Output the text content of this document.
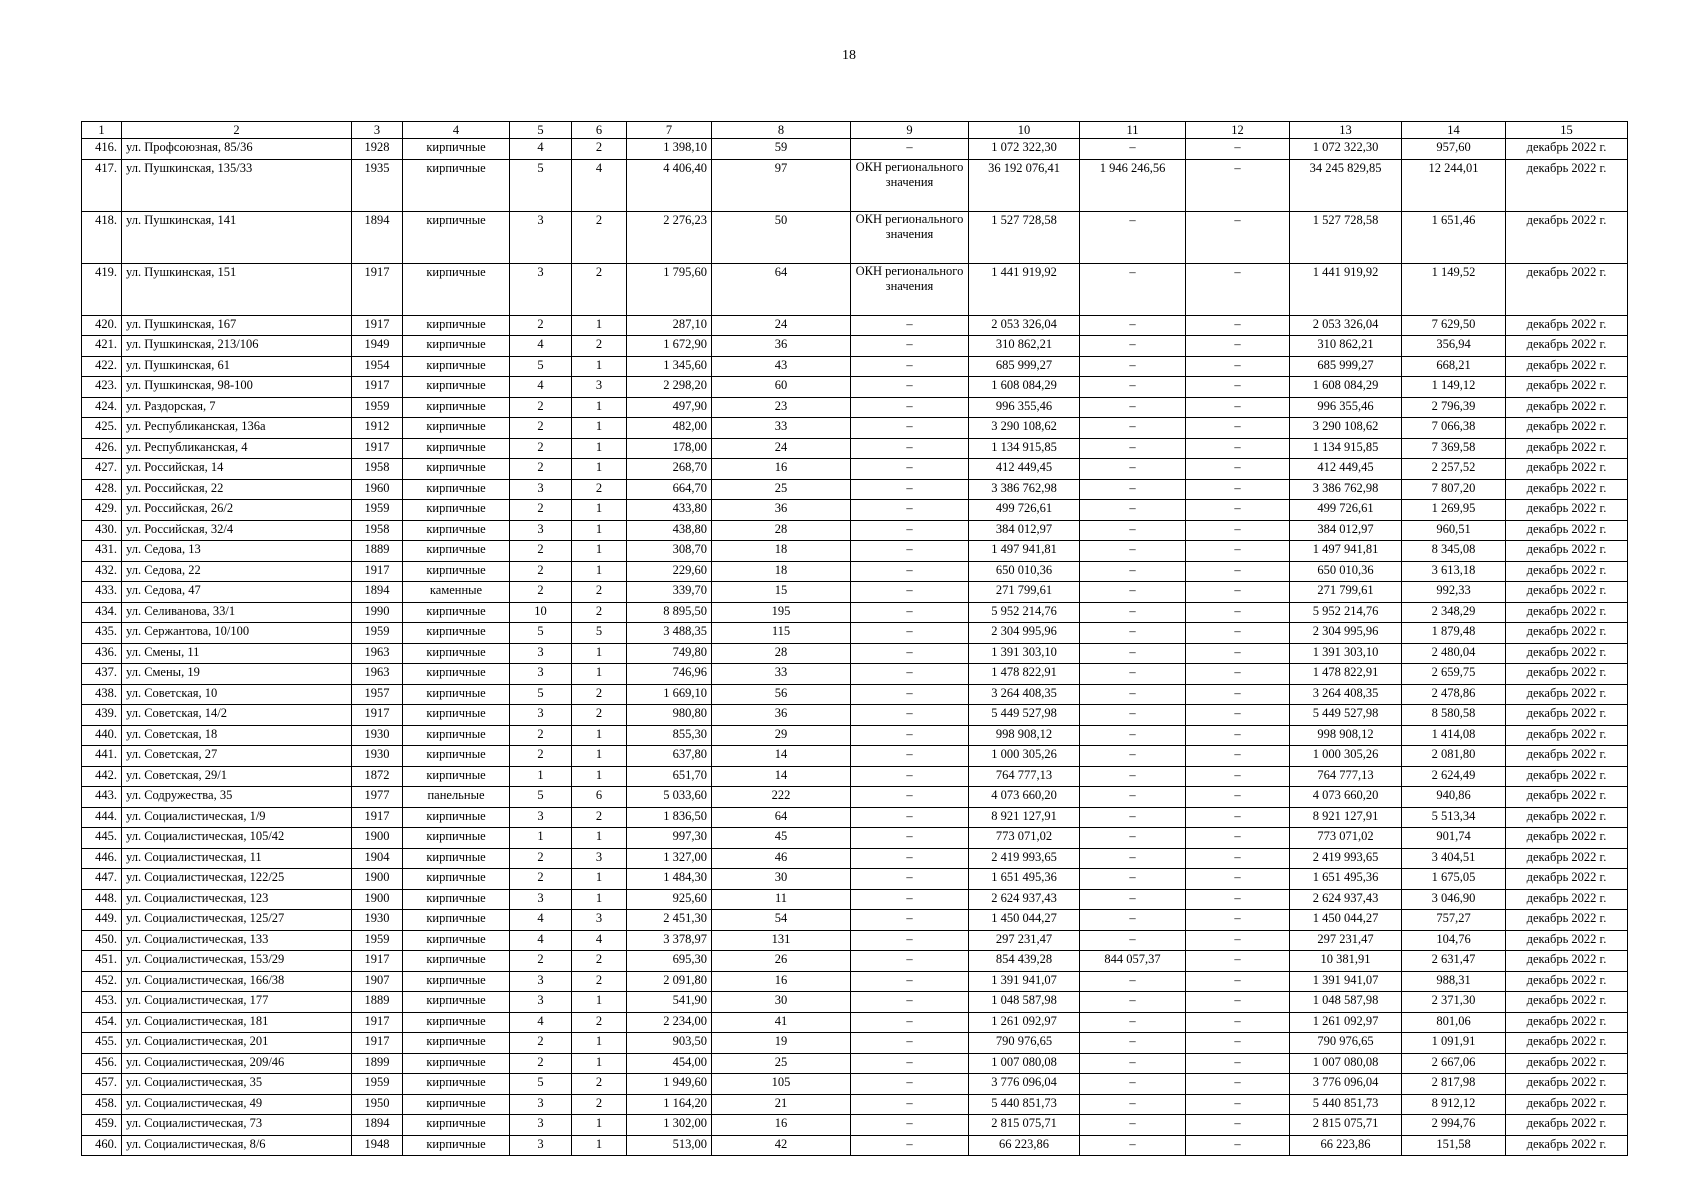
18
1	2	3	4	5	6	7	8	9	10	11	12	13	14	15
416.	ул. Профсоюзная, 85/36	1928	кирпичные	4	2	1 398,10	59	–	1 072 322,30	–	–	1 072 322,30	957,60	декабрь 2022 г.
417.	ул. Пушкинская, 135/33	1935	кирпичные	5	4	4 406,40	97	ОКН регионального значения	36 192 076,41	1 946 246,56	–	34 245 829,85	12 244,01	декабрь 2022 г.
418.	ул. Пушкинская, 141	1894	кирпичные	3	2	2 276,23	50	ОКН регионального значения	1 527 728,58	–	–	1 527 728,58	1 651,46	декабрь 2022 г.
419.	ул. Пушкинская, 151	1917	кирпичные	3	2	1 795,60	64	ОКН регионального значения	1 441 919,92	–	–	1 441 919,92	1 149,52	декабрь 2022 г.
420.	ул. Пушкинская, 167	1917	кирпичные	2	1	287,10	24	–	2 053 326,04	–	–	2 053 326,04	7 629,50	декабрь 2022 г.
421.	ул. Пушкинская, 213/106	1949	кирпичные	4	2	1 672,90	36	–	310 862,21	–	–	310 862,21	356,94	декабрь 2022 г.
422.	ул. Пушкинская, 61	1954	кирпичные	5	1	1 345,60	43	–	685 999,27	–	–	685 999,27	668,21	декабрь 2022 г.
423.	ул. Пушкинская, 98-100	1917	кирпичные	4	3	2 298,20	60	–	1 608 084,29	–	–	1 608 084,29	1 149,12	декабрь 2022 г.
424.	ул. Раздорская, 7	1959	кирпичные	2	1	497,90	23	–	996 355,46	–	–	996 355,46	2 796,39	декабрь 2022 г.
425.	ул. Республиканская, 136а	1912	кирпичные	2	1	482,00	33	–	3 290 108,62	–	–	3 290 108,62	7 066,38	декабрь 2022 г.
426.	ул. Республиканская, 4	1917	кирпичные	2	1	178,00	24	–	1 134 915,85	–	–	1 134 915,85	7 369,58	декабрь 2022 г.
427.	ул. Российская, 14	1958	кирпичные	2	1	268,70	16	–	412 449,45	–	–	412 449,45	2 257,52	декабрь 2022 г.
428.	ул. Российская, 22	1960	кирпичные	3	2	664,70	25	–	3 386 762,98	–	–	3 386 762,98	7 807,20	декабрь 2022 г.
429.	ул. Российская, 26/2	1959	кирпичные	2	1	433,80	36	–	499 726,61	–	–	499 726,61	1 269,95	декабрь 2022 г.
430.	ул. Российская, 32/4	1958	кирпичные	3	1	438,80	28	–	384 012,97	–	–	384 012,97	960,51	декабрь 2022 г.
431.	ул. Седова, 13	1889	кирпичные	2	1	308,70	18	–	1 497 941,81	–	–	1 497 941,81	8 345,08	декабрь 2022 г.
432.	ул. Седова, 22	1917	кирпичные	2	1	229,60	18	–	650 010,36	–	–	650 010,36	3 613,18	декабрь 2022 г.
433.	ул. Седова, 47	1894	каменные	2	2	339,70	15	–	271 799,61	–	–	271 799,61	992,33	декабрь 2022 г.
434.	ул. Селиванова, 33/1	1990	кирпичные	10	2	8 895,50	195	–	5 952 214,76	–	–	5 952 214,76	2 348,29	декабрь 2022 г.
435.	ул. Сержантова, 10/100	1959	кирпичные	5	5	3 488,35	115	–	2 304 995,96	–	–	2 304 995,96	1 879,48	декабрь 2022 г.
436.	ул. Смены, 11	1963	кирпичные	3	1	749,80	28	–	1 391 303,10	–	–	1 391 303,10	2 480,04	декабрь 2022 г.
437.	ул. Смены, 19	1963	кирпичные	3	1	746,96	33	–	1 478 822,91	–	–	1 478 822,91	2 659,75	декабрь 2022 г.
438.	ул. Советская, 10	1957	кирпичные	5	2	1 669,10	56	–	3 264 408,35	–	–	3 264 408,35	2 478,86	декабрь 2022 г.
439.	ул. Советская, 14/2	1917	кирпичные	3	2	980,80	36	–	5 449 527,98	–	–	5 449 527,98	8 580,58	декабрь 2022 г.
440.	ул. Советская, 18	1930	кирпичные	2	1	855,30	29	–	998 908,12	–	–	998 908,12	1 414,08	декабрь 2022 г.
441.	ул. Советская, 27	1930	кирпичные	2	1	637,80	14	–	1 000 305,26	–	–	1 000 305,26	2 081,80	декабрь 2022 г.
442.	ул. Советская, 29/1	1872	кирпичные	1	1	651,70	14	–	764 777,13	–	–	764 777,13	2 624,49	декабрь 2022 г.
443.	ул. Содружества, 35	1977	панельные	5	6	5 033,60	222	–	4 073 660,20	–	–	4 073 660,20	940,86	декабрь 2022 г.
444.	ул. Социалистическая, 1/9	1917	кирпичные	3	2	1 836,50	64	–	8 921 127,91	–	–	8 921 127,91	5 513,34	декабрь 2022 г.
445.	ул. Социалистическая, 105/42	1900	кирпичные	1	1	997,30	45	–	773 071,02	–	–	773 071,02	901,74	декабрь 2022 г.
446.	ул. Социалистическая, 11	1904	кирпичные	2	3	1 327,00	46	–	2 419 993,65	–	–	2 419 993,65	3 404,51	декабрь 2022 г.
447.	ул. Социалистическая, 122/25	1900	кирпичные	2	1	1 484,30	30	–	1 651 495,36	–	–	1 651 495,36	1 675,05	декабрь 2022 г.
448.	ул. Социалистическая, 123	1900	кирпичные	3	1	925,60	11	–	2 624 937,43	–	–	2 624 937,43	3 046,90	декабрь 2022 г.
449.	ул. Социалистическая, 125/27	1930	кирпичные	4	3	2 451,30	54	–	1 450 044,27	–	–	1 450 044,27	757,27	декабрь 2022 г.
450.	ул. Социалистическая, 133	1959	кирпичные	4	4	3 378,97	131	–	297 231,47	–	–	297 231,47	104,76	декабрь 2022 г.
451.	ул. Социалистическая, 153/29	1917	кирпичные	2	2	695,30	26	–	854 439,28	844 057,37	–	10 381,91	2 631,47	декабрь 2022 г.
452.	ул. Социалистическая, 166/38	1907	кирпичные	3	2	2 091,80	16	–	1 391 941,07	–	–	1 391 941,07	988,31	декабрь 2022 г.
453.	ул. Социалистическая, 177	1889	кирпичные	3	1	541,90	30	–	1 048 587,98	–	–	1 048 587,98	2 371,30	декабрь 2022 г.
454.	ул. Социалистическая, 181	1917	кирпичные	4	2	2 234,00	41	–	1 261 092,97	–	–	1 261 092,97	801,06	декабрь 2022 г.
455.	ул. Социалистическая, 201	1917	кирпичные	2	1	903,50	19	–	790 976,65	–	–	790 976,65	1 091,91	декабрь 2022 г.
456.	ул. Социалистическая, 209/46	1899	кирпичные	2	1	454,00	25	–	1 007 080,08	–	–	1 007 080,08	2 667,06	декабрь 2022 г.
457.	ул. Социалистическая, 35	1959	кирпичные	5	2	1 949,60	105	–	3 776 096,04	–	–	3 776 096,04	2 817,98	декабрь 2022 г.
458.	ул. Социалистическая, 49	1950	кирпичные	3	2	1 164,20	21	–	5 440 851,73	–	–	5 440 851,73	8 912,12	декабрь 2022 г.
459.	ул. Социалистическая, 73	1894	кирпичные	3	1	1 302,00	16	–	2 815 075,71	–	–	2 815 075,71	2 994,76	декабрь 2022 г.
460.	ул. Социалистическая, 8/6	1948	кирпичные	3	1	513,00	42	–	66 223,86	–	–	66 223,86	151,58	декабрь 2022 г.
